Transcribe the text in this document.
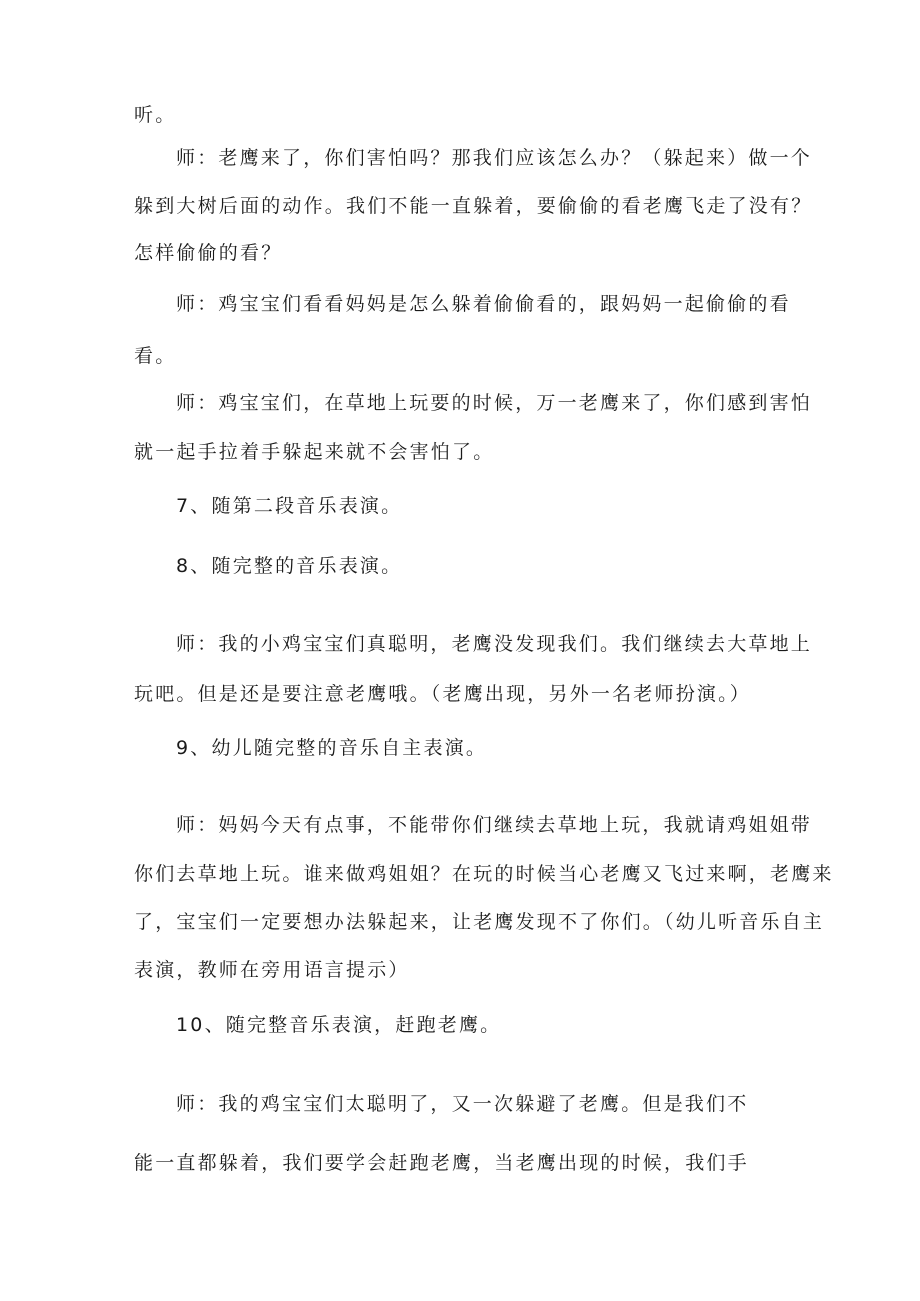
听。
师：老鹰来了，你们害怕吗？那我们应该怎么办？（躲起来）做一个
躲到大树后面的动作。我们不能一直躲着，要偷偷的看老鹰飞走了没有？
怎样偷偷的看？
师：鸡宝宝们看看妈妈是怎么躲着偷偷看的，跟妈妈一起偷偷的看
看。
师：鸡宝宝们，在草地上玩要的时候，万一老鹰来了，你们感到害怕
就一起手拉着手躲起来就不会害怕了。
7、随第二段音乐表演。
8、随完整的音乐表演。
师：我的小鸡宝宝们真聪明，老鹰没发现我们。我们继续去大草地上
玩吧。但是还是要注意老鹰哦。（老鹰出现，另外一名老师扮演。）
9、幼儿随完整的音乐自主表演。
师：妈妈今天有点事，不能带你们继续去草地上玩，我就请鸡姐姐带
你们去草地上玩。谁来做鸡姐姐？在玩的时候当心老鹰又飞过来啊，老鹰来
了，宝宝们一定要想办法躲起来，让老鹰发现不了你们。（幼儿听音乐自主
表演，教师在旁用语言提示）
10、随完整音乐表演，赶跑老鹰。
师：我的鸡宝宝们太聪明了，又一次躲避了老鹰。但是我们不
能一直都躲着，我们要学会赶跑老鹰，当老鹰出现的时候，我们手
